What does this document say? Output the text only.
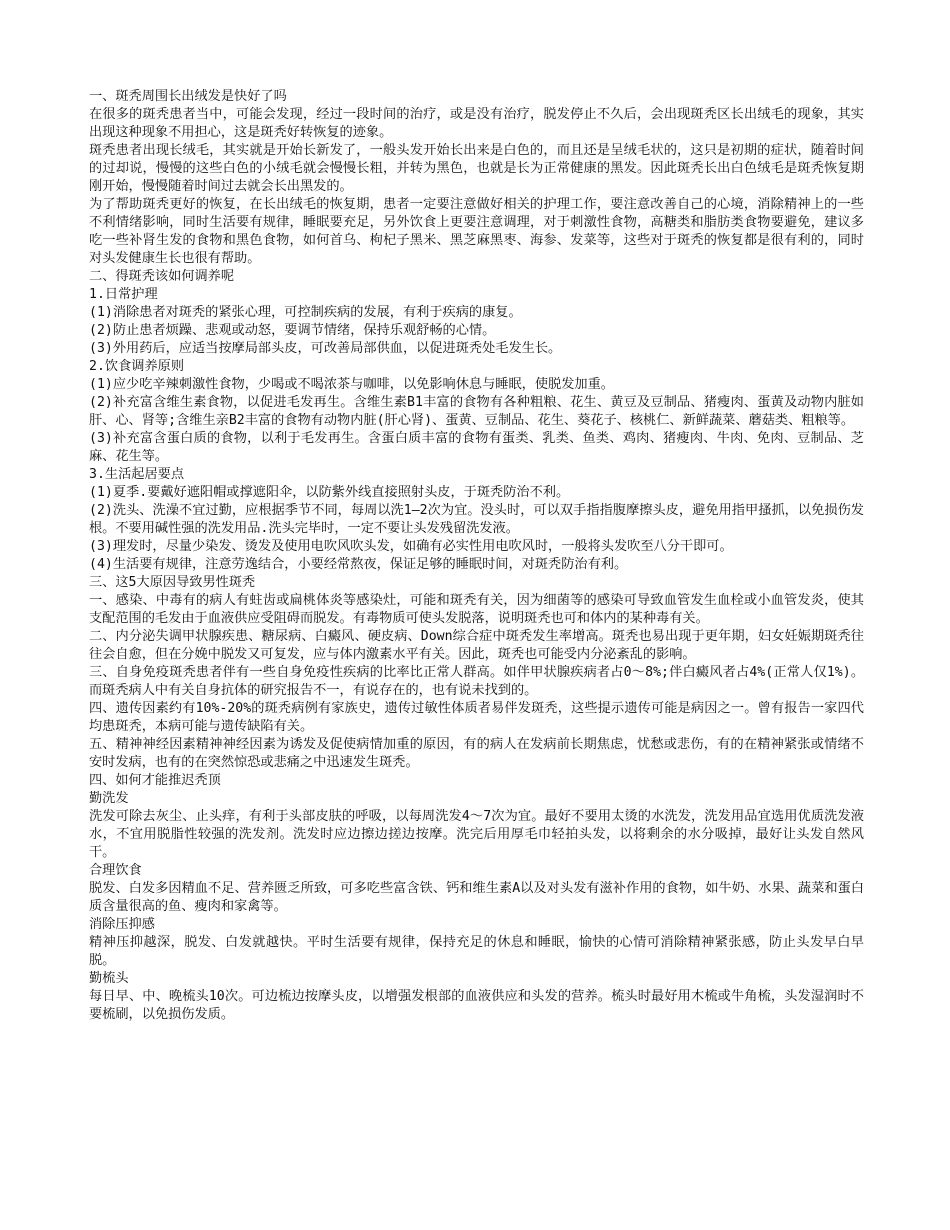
一、斑秃周围长出绒发是快好了吗

在很多的斑秃患者当中，可能会发现，经过一段时间的治疗，或是没有治疗，脱发停止不久后，会出现斑秃区长出绒毛的现象，其实出现这种现象不用担心，这是斑秃好转恢复的迹象。

斑秃患者出现长绒毛，其实就是开始长新发了，一般头发开始长出来是白色的，而且还是呈绒毛状的，这只是初期的症状，随着时间的过却说，慢慢的这些白色的小绒毛就会慢慢长粗，并转为黑色，也就是长为正常健康的黑发。因此斑秃长出白色绒毛是斑秃恢复期刚开始，慢慢随着时间过去就会长出黑发的。

为了帮助斑秃更好的恢复，在长出绒毛的恢复期，患者一定要注意做好相关的护理工作，要注意改善自己的心境，消除精神上的一些不利情绪影响，同时生活要有规律，睡眠要充足，另外饮食上更要注意调理，对于刺激性食物，高糖类和脂肪类食物要避免，建议多吃一些补肾生发的食物和黑色食物，如何首乌、枸杞子黑米、黑芝麻黑枣、海参、发菜等，这些对于斑秃的恢复都是很有利的，同时对头发健康生长也很有帮助。

二、得斑秃该如何调养呢

1.日常护理

(1)消除患者对斑秃的紧张心理，可控制疾病的发展，有利于疾病的康复。

(2)防止患者烦躁、悲观或动怒，要调节情绪，保持乐观舒畅的心情。

(3)外用药后，应适当按摩局部头皮，可改善局部供血，以促进斑秃处毛发生长。

2.饮食调养原则

(1)应少吃辛辣刺激性食物，少喝或不喝浓茶与咖啡，以免影响休息与睡眠，使脱发加重。

(2)补充富含维生素食物，以促进毛发再生。含维生素B1丰富的食物有各种粗粮、花生、黄豆及豆制品、猪瘦肉、蛋黄及动物内脏如肝、心、肾等;含维生亲B2丰富的食物有动物内脏(肝心肾)、蛋黄、豆制品、花生、葵花子、核桃仁、新鲜蔬菜、蘑菇类、粗粮等。

(3)补充富含蛋白质的食物，以利于毛发再生。含蛋白质丰富的食物有蛋类、乳类、鱼类、鸡肉、猪瘦肉、牛肉、免肉、豆制品、芝麻、花生等。

3.生活起居要点

(1)夏季.要戴好遮阳帽或撑遮阳伞，以防紫外线直接照射头皮，于斑秃防治不利。

(2)洗头、洗澡不宜过勤，应根据季节不同，每周以洗1—2次为宜。没头时，可以双手指指腹摩擦头皮，避免用指甲搔抓，以免损伤发根。不要用碱性强的洗发用品.洗头完毕时，一定不要让头发残留洗发液。

(3)理发时，尽量少染发、烫发及使用电吹风吹头发，如确有必实性用电吹风时，一般将头发吹至八分干即可。

(4)生活要有规律，注意劳逸结合，小要经常熬夜，保证足够的睡眠时间，对斑秃防治有利。

三、这5大原因导致男性斑秃

一、感染、中毒有的病人有蛀齿或扁桃体炎等感染灶，可能和斑秃有关，因为细菌等的感染可导致血管发生血栓或小血管发炎，使其支配范围的毛发由于血液供应受阻碍而脱发。有毒物质可使头发脱落，说明斑秃也可和体内的某种毒有关。

二、内分泌失调甲状腺疾患、糖尿病、白癜风、硬皮病、Down综合症中斑秃发生率增高。斑秃也易出现于更年期，妇女妊娠期斑秃往往会自愈，但在分娩中脱发又可复发，应与体内激素水平有关。因此，斑秃也可能受内分泌紊乱的影响。

三、自身免疫斑秃患者伴有一些自身免疫性疾病的比率比正常人群高。如伴甲状腺疾病者占0～8%;伴白癜风者占4%(正常人仅1%)。而斑秃病人中有关自身抗体的研究报告不一，有说存在的，也有说未找到的。

四、遗传因素约有10%-20%的斑秃病例有家族史，遗传过敏性体质者易伴发斑秃，这些提示遗传可能是病因之一。曾有报告一家四代均患斑秃，本病可能与遗传缺陷有关。

五、精神神经因素精神神经因素为诱发及促使病情加重的原因，有的病人在发病前长期焦虑，忧愁或悲伤，有的在精神紧张或情绪不安时发病，也有的在突然惊恐或悲痛之中迅速发生斑秃。

四、如何才能推迟秃顶

勤洗发

洗发可除去灰尘、止头痒，有利于头部皮肤的呼吸，以每周洗发4～7次为宜。最好不要用太烫的水洗发，洗发用品宜选用优质洗发液水，不宜用脱脂性较强的洗发剂。洗发时应边擦边搓边按摩。洗完后用厚毛巾轻拍头发，以将剩余的水分吸掉，最好让头发自然风干。

合理饮食

脱发、白发多因精血不足、营养匮乏所致，可多吃些富含铁、钙和维生素A以及对头发有滋补作用的食物，如牛奶、水果、蔬菜和蛋白质含量很高的鱼、瘦肉和家禽等。

消除压抑感

精神压抑越深，脱发、白发就越快。平时生活要有规律，保持充足的休息和睡眠，愉快的心情可消除精神紧张感，防止头发早白早脱。

勤梳头

每日早、中、晚梳头10次。可边梳边按摩头皮，以增强发根部的血液供应和头发的营养。梳头时最好用木梳或牛角梳，头发湿润时不要梳刷，以免损伤发质。
